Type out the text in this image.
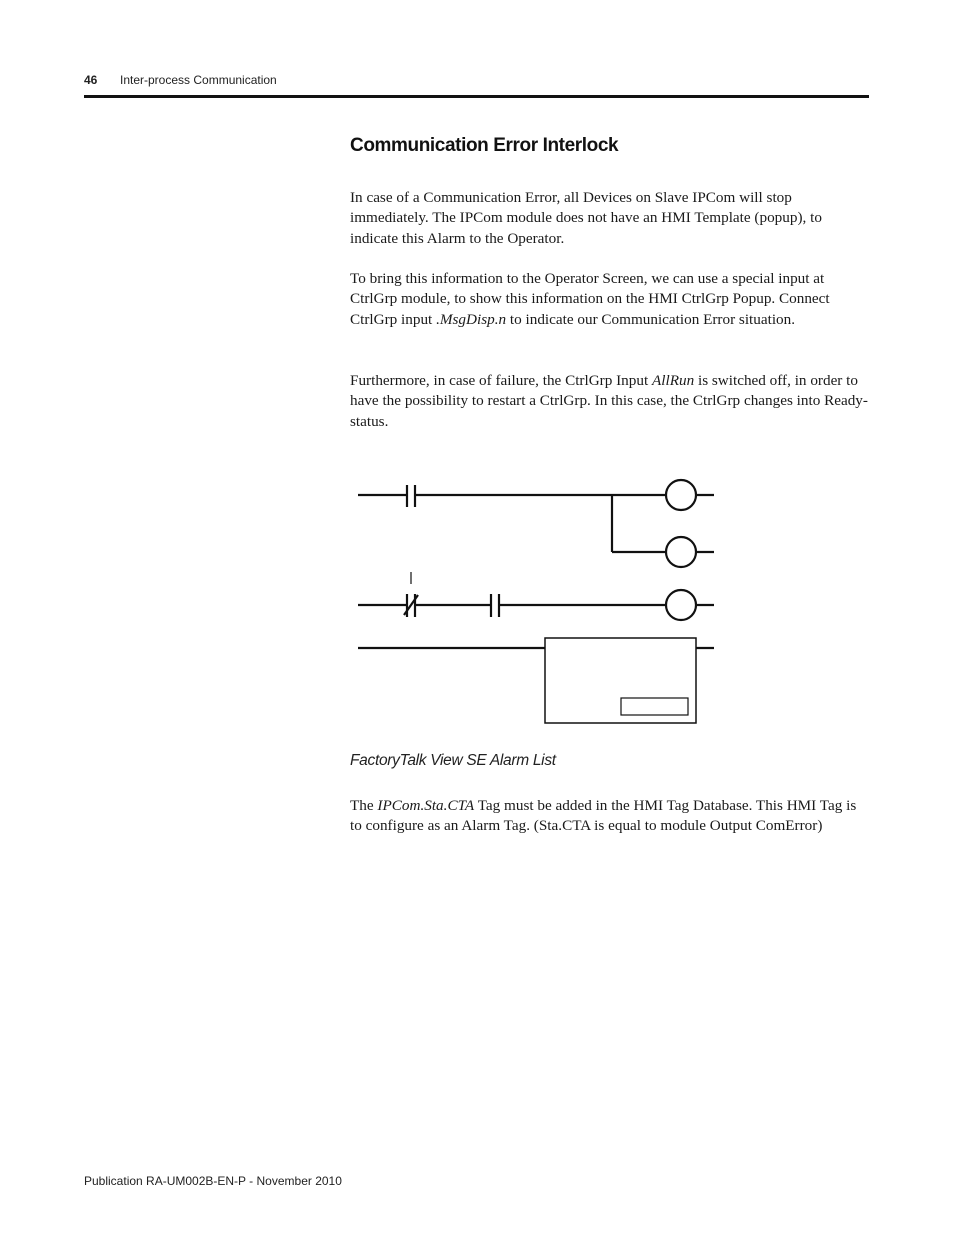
46 Inter-process Communication
Communication Error Interlock

In case of a Communication Error, all Devices on Slave IPCom will stop immediately. The IPCom module does not have an HMI Template (popup), to indicate this Alarm to the Operator.

To bring this information to the Operator Screen, we can use a special input at CtrlGrp module, to show this information on the HMI CtrlGrp Popup. Connect CtrlGrp input .MsgDisp.n to indicate our Communication Error situation.

Furthermore, in case of failure, the CtrlGrp Input AllRun is switched off, in order to have the possibility to restart a CtrlGrp. In this case, the CtrlGrp changes into Ready-status.

FactoryTalk View SE Alarm List

The IPCom.Sta.CTA Tag must be added in the HMI Tag Database. This HMI Tag is to configure as an Alarm Tag. (Sta.CTA is equal to module Output ComError)

Publication RA-UM002B-EN-P - November 2010
